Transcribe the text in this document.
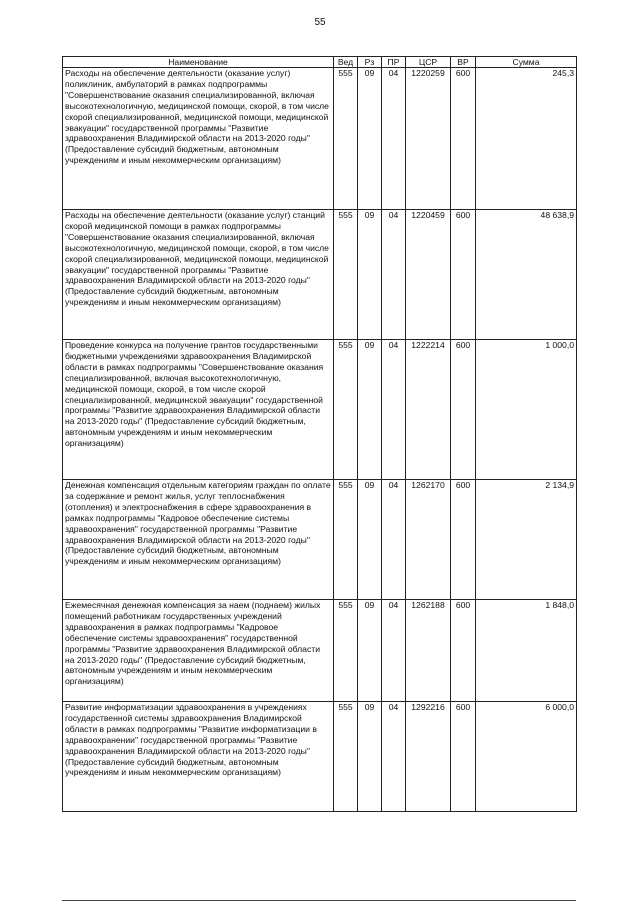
55
Наименование	Вед	Рз	ПР	ЦСР	ВР	Сумма
Расходы на обеспечение деятельности (оказание услуг) поликлиник, амбулаторий в рамках подпрограммы "Совершенствование оказания специализированной, включая высокотехнологичную, медицинской помощи, скорой, в том числе скорой специализированной, медицинской помощи, медицинской эвакуации" государственной программы "Развитие здравоохранения Владимирской области на 2013-2020 годы" (Предоставление субсидий бюджетным, автономным учреждениям и иным некоммерческим организациям)	555	09	04	1220259	600	245,3
Расходы на обеспечение деятельности (оказание услуг) станций скорой медицинской помощи в рамках подпрограммы "Совершенствование оказания специализированной, включая высокотехнологичную, медицинской помощи, скорой, в том числе скорой специализированной, медицинской помощи, медицинской эвакуации" государственной программы "Развитие здравоохранения Владимирской области на 2013-2020 годы" (Предоставление субсидий бюджетным, автономным учреждениям и иным некоммерческим организациям)	555	09	04	1220459	600	48 638,9
Проведение конкурса на получение грантов государственными бюджетными учреждениями здравоохранения Владимирской области в рамках подпрограммы "Совершенствование оказания специализированной, включая высокотехнологичную, медицинской помощи, скорой, в том числе скорой специализированной, медицинской эвакуации" государственной программы "Развитие здравоохранения Владимирской области на 2013-2020 годы" (Предоставление субсидий бюджетным, автономным учреждениям и иным некоммерческим организациям)	555	09	04	1222214	600	1 000,0
Денежная компенсация отдельным категориям граждан по оплате за содержание и ремонт жилья, услуг теплоснабжения (отопления) и электроснабжения в сфере здравоохранения в рамках подпрограммы "Кадровое обеспечение системы здравоохранения" государственной программы "Развитие здравоохранения Владимирской области на 2013-2020 годы" (Предоставление субсидий бюджетным, автономным учреждениям и иным некоммерческим организациям)	555	09	04	1262170	600	2 134,9
Ежемесячная денежная компенсация за наем (поднаем) жилых помещений работникам государственных учреждений здравоохранения в рамках подпрограммы "Кадровое обеспечение системы здравоохранения" государственной программы "Развитие здравоохранения Владимирской области на 2013-2020 годы" (Предоставление субсидий бюджетным, автономным учреждениям и иным некоммерческим организациям)	555	09	04	1262188	600	1 848,0
Развитие информатизации здравоохранения в учреждениях государственной системы здравоохранения Владимирской области в рамках подпрограммы "Развитие информатизации в здравоохранении" государственной программы "Развитие здравоохранения Владимирской области на 2013-2020 годы" (Предоставление субсидий бюджетным, автономным учреждениям и иным некоммерческим организациям)	555	09	04	1292216	600	6 000,0
